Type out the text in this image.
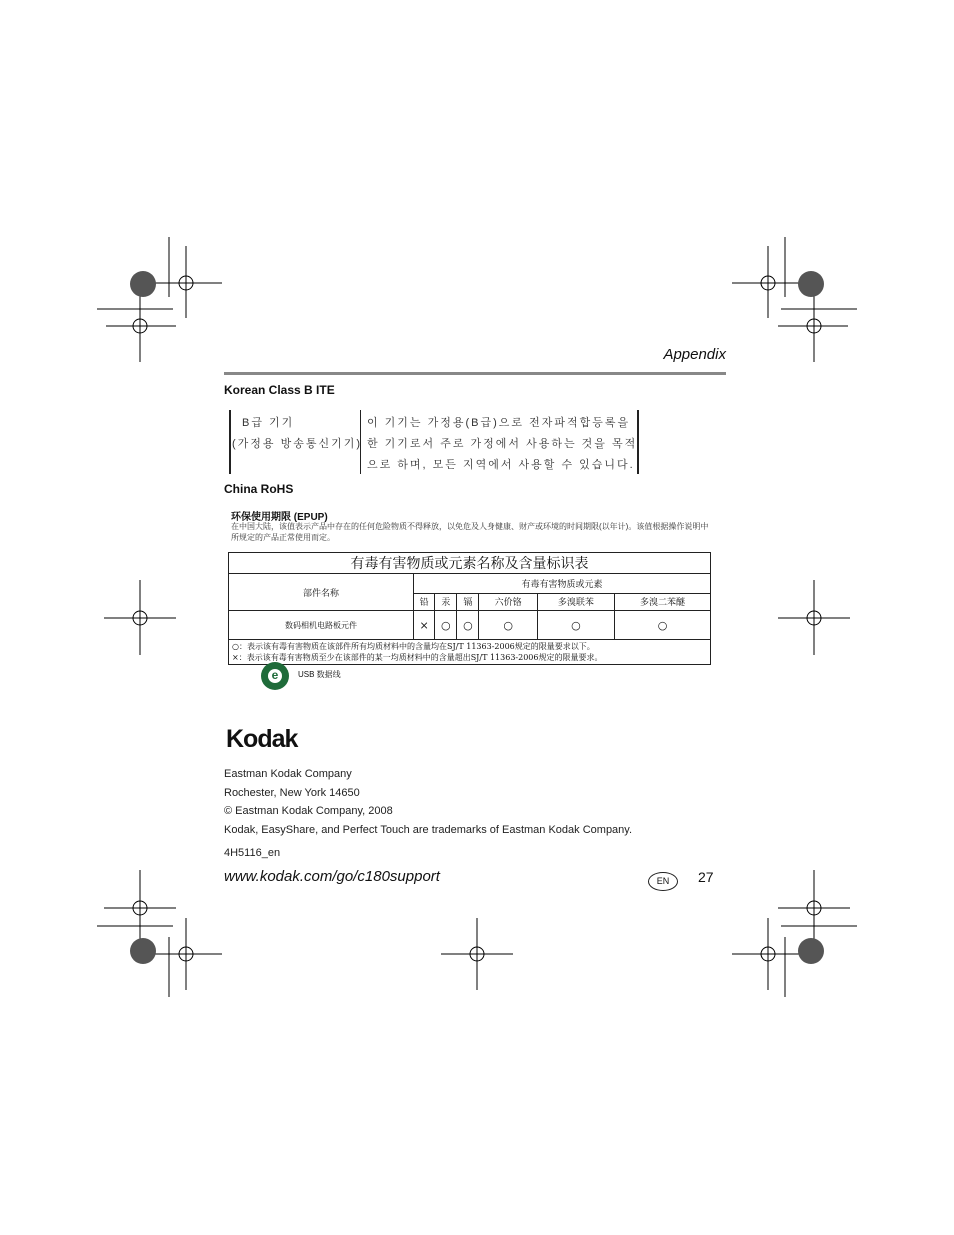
Appendix
Korean Class B ITE
B급 기기
(가정용 방송통신기기)
이 기기는 가정용(B급)으로 전자파적합등록을
한 기기로서 주로 가정에서 사용하는 것을 목적
으로 하며, 모든 지역에서 사용할 수 있습니다.
China RoHS
环保使用期限 (EPUP)
在中国大陆，该值表示产品中存在的任何危险物质不得释放，以免危及人身健康、财产或环境的时间期限(以年计)。该值根据操作说明中所规定的产品正常使用而定。
有毒有害物质或元素名称及含量标识表						
部件名称	有毒有害物质或元素					
	铅	汞	镉	六价铬	多溴联苯	多溴二苯醚
数码相机电路板元件	×	○	○	○	○	○

○：表示该有毒有害物质在该部件所有均质材料中的含量均在SJ/T 11363-2006规定的限量要求以下。
×：表示该有毒有害物质至少在该部件的某一均质材料中的含量超出SJ/T 11363-2006规定的限量要求。						
e USB 数据线
Kodak
Eastman Kodak Company
Rochester, New York 14650
© Eastman Kodak Company, 2008
Kodak, EasyShare, and Perfect Touch are trademarks of Eastman Kodak Company.
4H5116_en
www.kodak.com/go/c180support	EN	27
